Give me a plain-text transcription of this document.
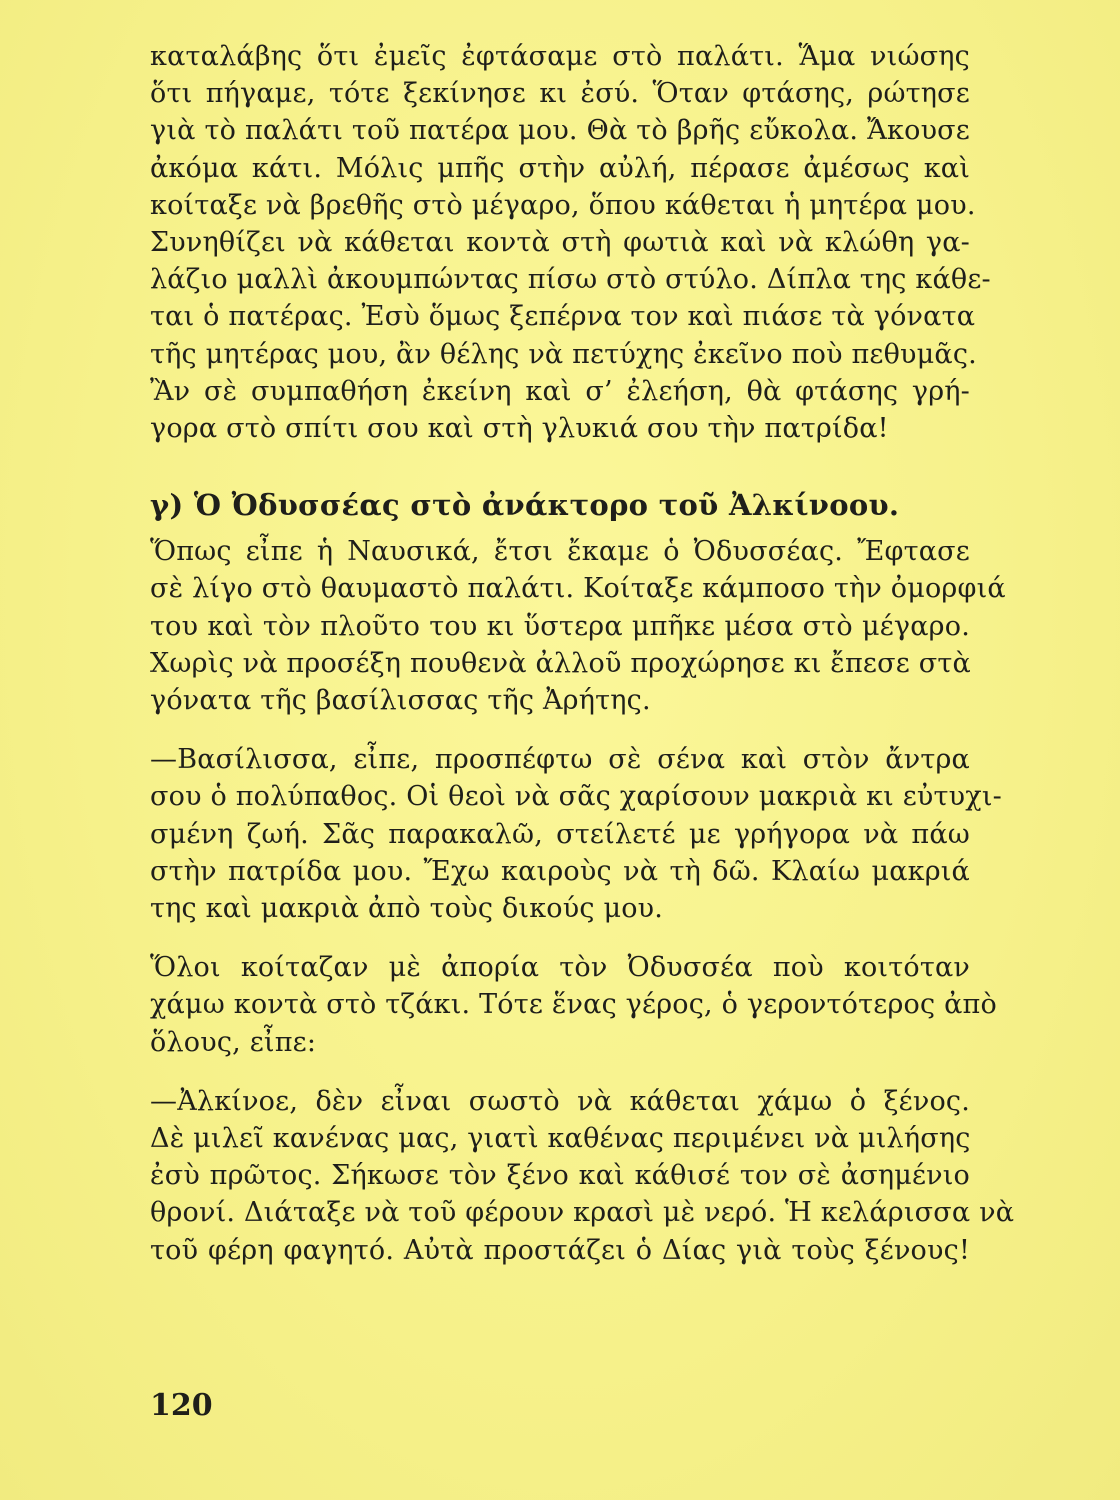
καταλάβης ὅτι ἐμεῖς ἐφτάσαμε στὸ παλάτι. Ἅμα νιώσης
ὅτι πήγαμε, τότε ξεκίνησε κι ἐσύ. Ὅταν φτάσης, ρώτησε
γιὰ τὸ παλάτι τοῦ πατέρα μου. Θὰ τὸ βρῆς εὔκολα. Ἄκουσε
ἀκόμα κάτι. Μόλις μπῆς στὴν αὐλή, πέρασε ἀμέσως καὶ
κοίταξε νὰ βρεθῆς στὸ μέγαρο, ὅπου κάθεται ἡ μητέρα μου.
Συνηθίζει νὰ κάθεται κοντὰ στὴ φωτιὰ καὶ νὰ κλώθη γα-
λάζιο μαλλὶ ἀκουμπώντας πίσω στὸ στύλο. Δίπλα της κάθε-
ται ὁ πατέρας. Ἐσὺ ὅμως ξεπέρνα τον καὶ πιάσε τὰ γόνατα
τῆς μητέρας μου, ἂν θέλης νὰ πετύχης ἐκεῖνο ποὺ πεθυμᾶς.
Ἂν σὲ συμπαθήση ἐκείνη καὶ σ’ ἐλεήση, θὰ φτάσης γρή-
γορα στὸ σπίτι σου καὶ στὴ γλυκιά σου τὴν πατρίδα!

γ) Ὁ Ὀδυσσέας στὸ ἀνάκτορο τοῦ Ἀλκίνοου.

Ὅπως εἶπε ἡ Ναυσικά, ἔτσι ἔκαμε ὁ Ὀδυσσέας. Ἔφτασε
σὲ λίγο στὸ θαυμαστὸ παλάτι. Κοίταξε κάμποσο τὴν ὀμορφιά
του καὶ τὸν πλοῦτο του κι ὕστερα μπῆκε μέσα στὸ μέγαρο.
Χωρὶς νὰ προσέξη πουθενὰ ἀλλοῦ προχώρησε κι ἔπεσε στὰ
γόνατα τῆς βασίλισσας τῆς Ἀρήτης.

—Βασίλισσα, εἶπε, προσπέφτω σὲ σένα καὶ στὸν ἄντρα
σου ὁ πολύπαθος. Οἱ θεοὶ νὰ σᾶς χαρίσουν μακριὰ κι εὐτυχι-
σμένη ζωή. Σᾶς παρακαλῶ, στείλετέ με γρήγορα νὰ πάω
στὴν πατρίδα μου. Ἔχω καιροὺς νὰ τὴ δῶ. Κλαίω μακριά
της καὶ μακριὰ ἀπὸ τοὺς δικούς μου.

Ὅλοι κοίταζαν μὲ ἀπορία τὸν Ὀδυσσέα ποὺ κοιτόταν
χάμω κοντὰ στὸ τζάκι. Τότε ἕνας γέρος, ὁ γεροντότερος ἀπὸ
ὅλους, εἶπε:

—Ἀλκίνοε, δὲν εἶναι σωστὸ νὰ κάθεται χάμω ὁ ξένος.
Δὲ μιλεῖ κανένας μας, γιατὶ καθένας περιμένει νὰ μιλήσης
ἐσὺ πρῶτος. Σήκωσε τὸν ξένο καὶ κάθισέ τον σὲ ἀσημένιο
θρονί. Διάταξε νὰ τοῦ φέρουν κρασὶ μὲ νερό. Ἡ κελάρισσα νὰ
τοῦ φέρη φαγητό. Αὐτὰ προστάζει ὁ Δίας γιὰ τοὺς ξένους!

120
